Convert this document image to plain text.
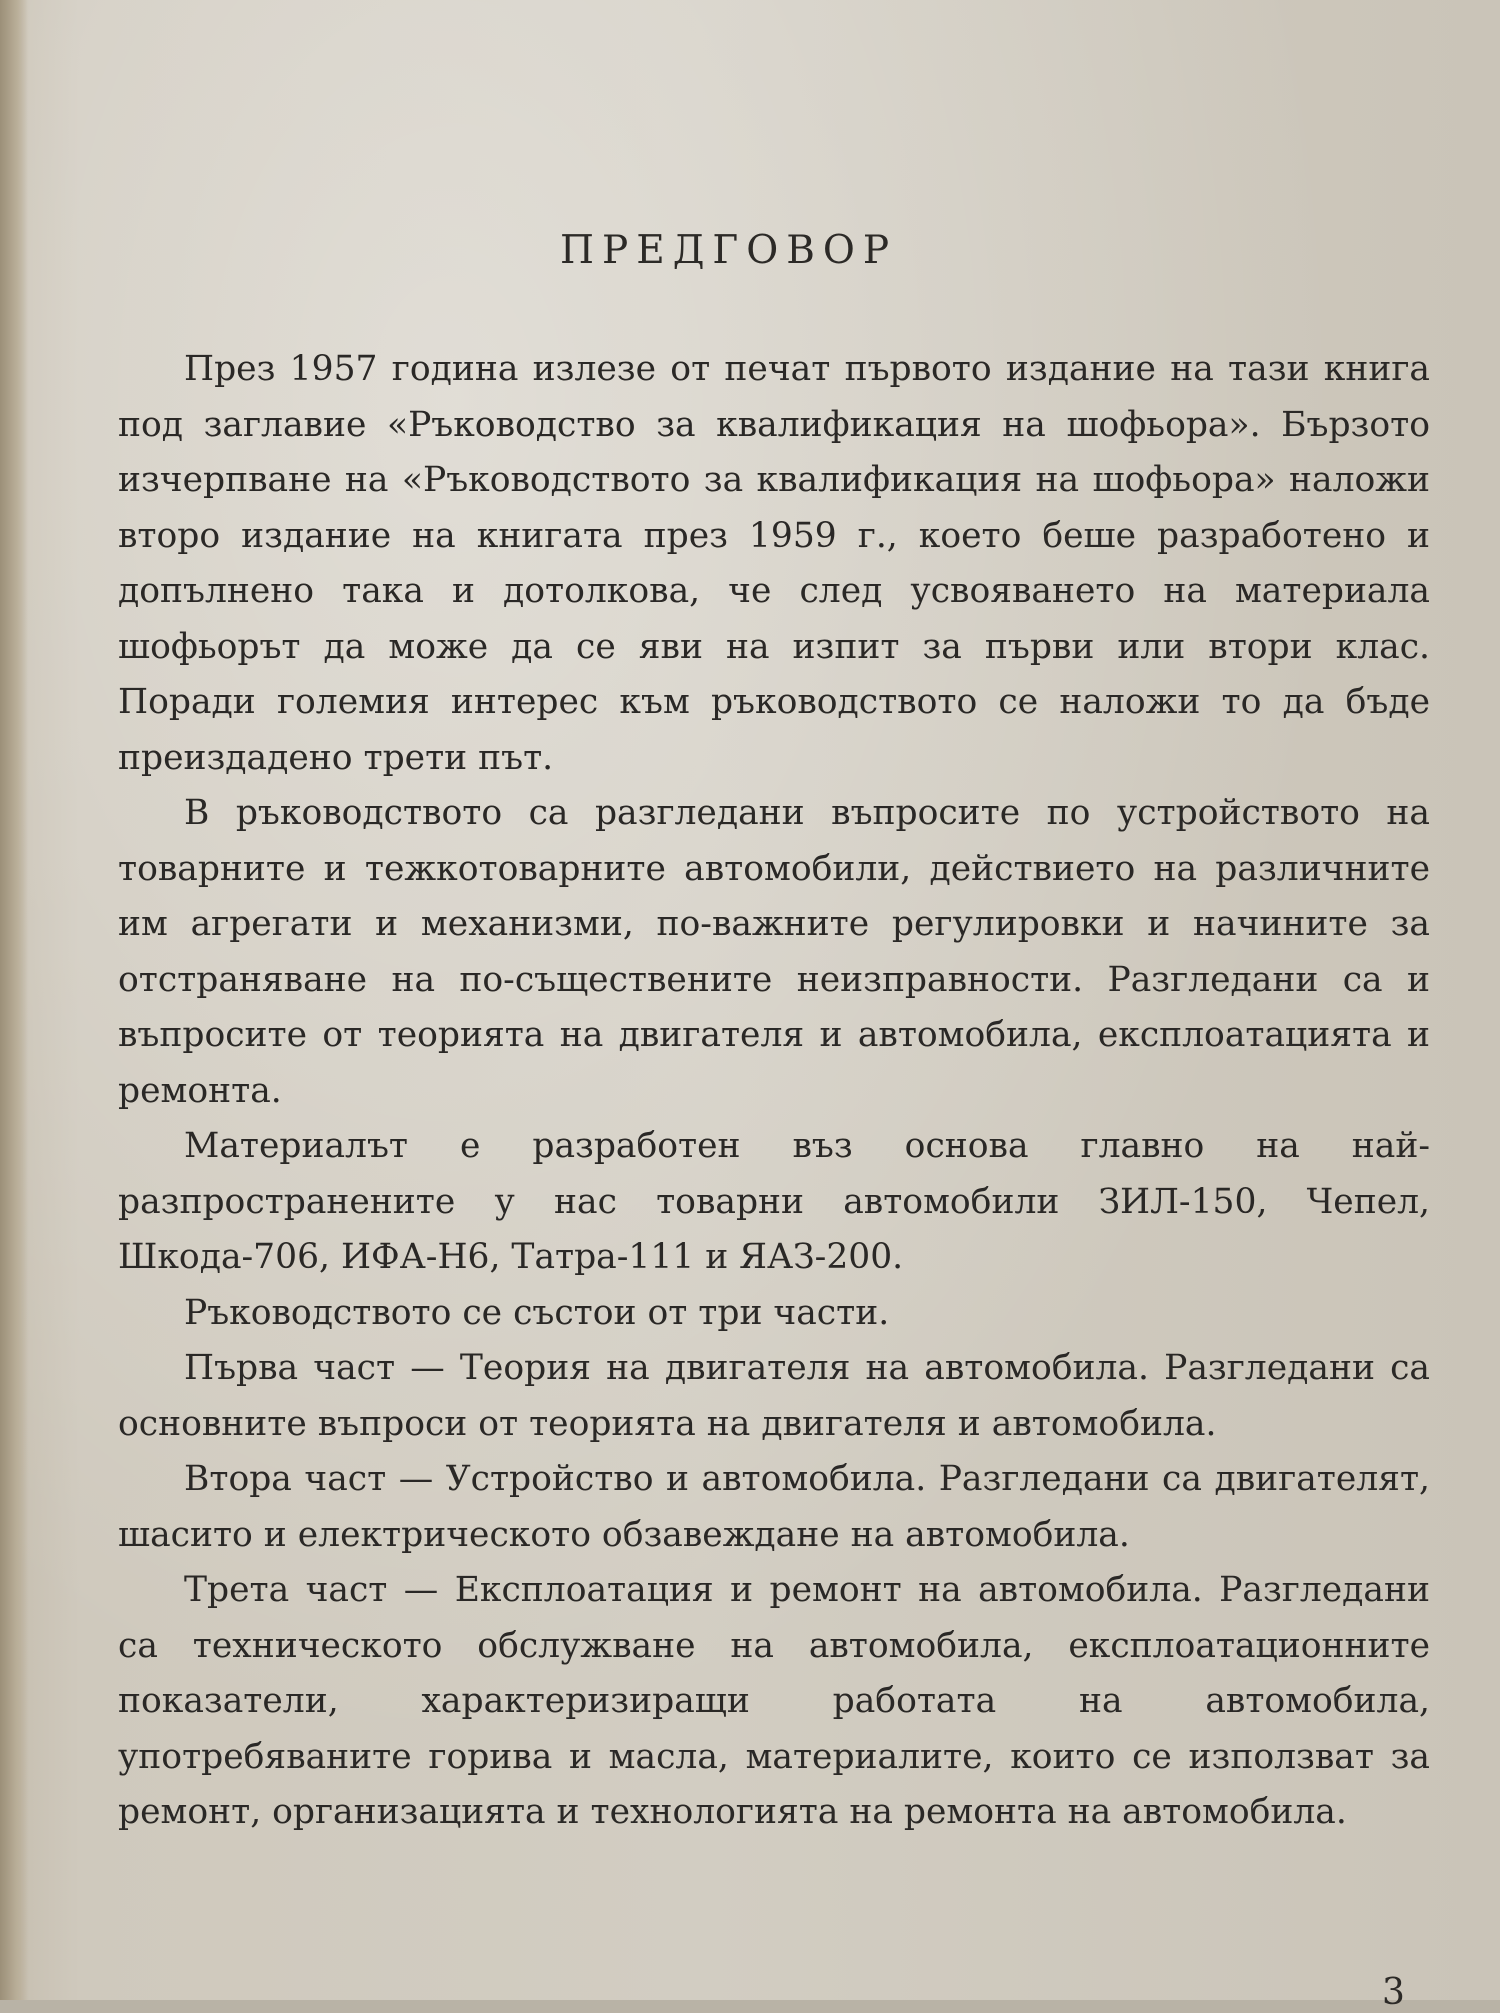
ПРЕДГОВОР

През 1957 година излезе от печат първото издание на тази книга под заглавие «Ръководство за квалификация на шофьора». Бързото изчерпване на «Ръководството за квалификация на шофьора» наложи второ издание на книгата през 1959 г., което беше разработено и допълнено така и дотолкова, че след усвояването на материала шофьорът да може да се яви на изпит за първи или втори клас. Поради големия интерес към ръководството се наложи то да бъде преиздадено трети път.

В ръководството са разгледани въпросите по устройството на товарните и тежкотоварните автомобили, действието на различните им агрегати и механизми, по-важните регулировки и начините за отстраняване на по-съществените неизправности. Разгледани са и въпросите от теорията на двигателя и автомобила, експлоатацията и ремонта.

Материалът е разработен въз основа главно на най-разпространените у нас товарни автомобили ЗИЛ-150, Чепел, Шкода-706, ИФА-Н6, Татра-111 и ЯАЗ-200.

Ръководството се състои от три части.

Първа част — Теория на двигателя на автомобила. Разгледани са основните въпроси от теорията на двигателя и автомобила.

Втора част — Устройство и автомобила. Разгледани са двигателят, шасито и електрическото обзавеждане на автомобила.

Трета част — Експлоатация и ремонт на автомобила. Разгледани са техническото обслужване на автомобила, експлоатационните показатели, характеризиращи работата на автомобила, употребяваните горива и масла, материалите, които се използват за ремонт, организацията и технологията на ремонта на автомобила.

3
